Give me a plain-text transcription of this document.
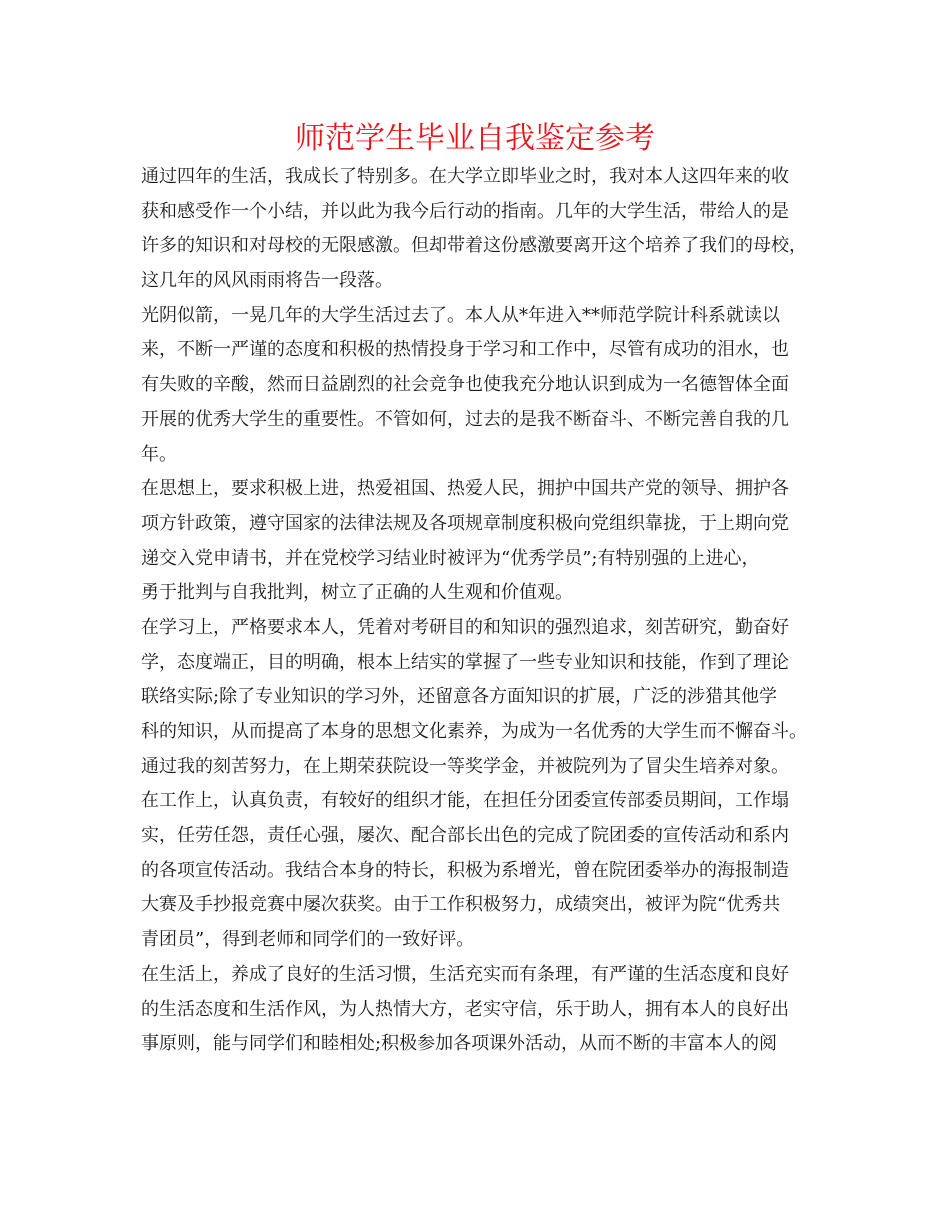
师范学生毕业自我鉴定参考
通过四年的生活，我成长了特别多。在大学立即毕业之时，我对本人这四年来的收
获和感受作一个小结，并以此为我今后行动的指南。几年的大学生活，带给人的是
许多的知识和对母校的无限感激。但却带着这份感激要离开这个培养了我们的母校，
这几年的风风雨雨将告一段落。
光阴似箭，一晃几年的大学生活过去了。本人从*年进入**师范学院计科系就读以
来，不断一严谨的态度和积极的热情投身于学习和工作中，尽管有成功的泪水，也
有失败的辛酸，然而日益剧烈的社会竞争也使我充分地认识到成为一名德智体全面
开展的优秀大学生的重要性。不管如何，过去的是我不断奋斗、不断完善自我的几
年。
在思想上，要求积极上进，热爱祖国、热爱人民，拥护中国共产党的领导、拥护各
项方针政策，遵守国家的法律法规及各项规章制度积极向党组织靠拢，于上期向党
递交入党申请书，并在党校学习结业时被评为“优秀学员”;有特别强的上进心，
勇于批判与自我批判，树立了正确的人生观和价值观。
在学习上，严格要求本人，凭着对考研目的和知识的强烈追求，刻苦研究，勤奋好
学，态度端正，目的明确，根本上结实的掌握了一些专业知识和技能，作到了理论
联络实际;除了专业知识的学习外，还留意各方面知识的扩展，广泛的涉猎其他学
科的知识，从而提高了本身的思想文化素养，为成为一名优秀的大学生而不懈奋斗。
通过我的刻苦努力，在上期荣获院设一等奖学金，并被院列为了冒尖生培养对象。
在工作上，认真负责，有较好的组织才能，在担任分团委宣传部委员期间，工作塌
实，任劳任怨，责任心强，屡次、配合部长出色的完成了院团委的宣传活动和系内
的各项宣传活动。我结合本身的特长，积极为系增光，曾在院团委举办的海报制造
大赛及手抄报竞赛中屡次获奖。由于工作积极努力，成绩突出，被评为院“优秀共
青团员”，得到老师和同学们的一致好评。
在生活上，养成了良好的生活习惯，生活充实而有条理，有严谨的生活态度和良好
的生活态度和生活作风，为人热情大方，老实守信，乐于助人，拥有本人的良好出
事原则，能与同学们和睦相处;积极参加各项课外活动，从而不断的丰富本人的阅
